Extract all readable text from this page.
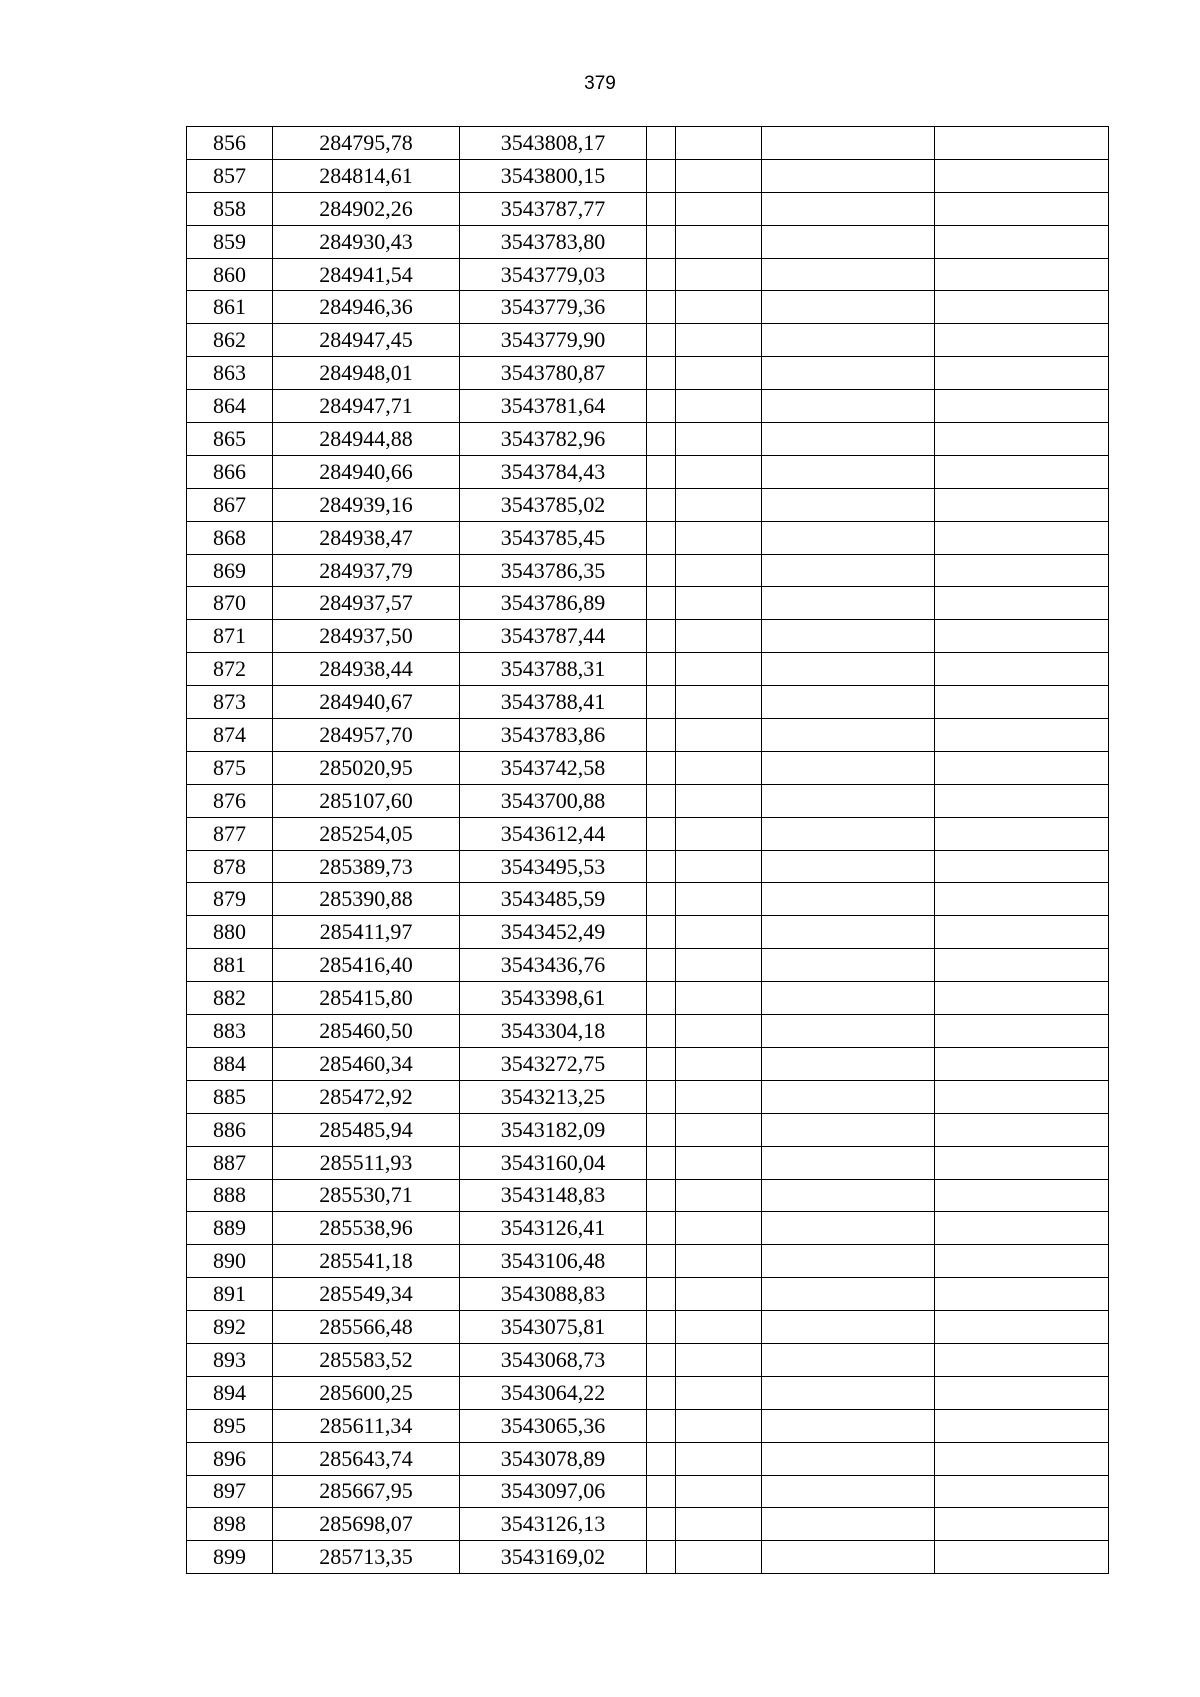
379
856	284795,78	3543808,17				
857	284814,61	3543800,15				
858	284902,26	3543787,77				
859	284930,43	3543783,80				
860	284941,54	3543779,03				
861	284946,36	3543779,36				
862	284947,45	3543779,90				
863	284948,01	3543780,87				
864	284947,71	3543781,64				
865	284944,88	3543782,96				
866	284940,66	3543784,43				
867	284939,16	3543785,02				
868	284938,47	3543785,45				
869	284937,79	3543786,35				
870	284937,57	3543786,89				
871	284937,50	3543787,44				
872	284938,44	3543788,31				
873	284940,67	3543788,41				
874	284957,70	3543783,86				
875	285020,95	3543742,58				
876	285107,60	3543700,88				
877	285254,05	3543612,44				
878	285389,73	3543495,53				
879	285390,88	3543485,59				
880	285411,97	3543452,49				
881	285416,40	3543436,76				
882	285415,80	3543398,61				
883	285460,50	3543304,18				
884	285460,34	3543272,75				
885	285472,92	3543213,25				
886	285485,94	3543182,09				
887	285511,93	3543160,04				
888	285530,71	3543148,83				
889	285538,96	3543126,41				
890	285541,18	3543106,48				
891	285549,34	3543088,83				
892	285566,48	3543075,81				
893	285583,52	3543068,73				
894	285600,25	3543064,22				
895	285611,34	3543065,36				
896	285643,74	3543078,89				
897	285667,95	3543097,06				
898	285698,07	3543126,13				
899	285713,35	3543169,02				
